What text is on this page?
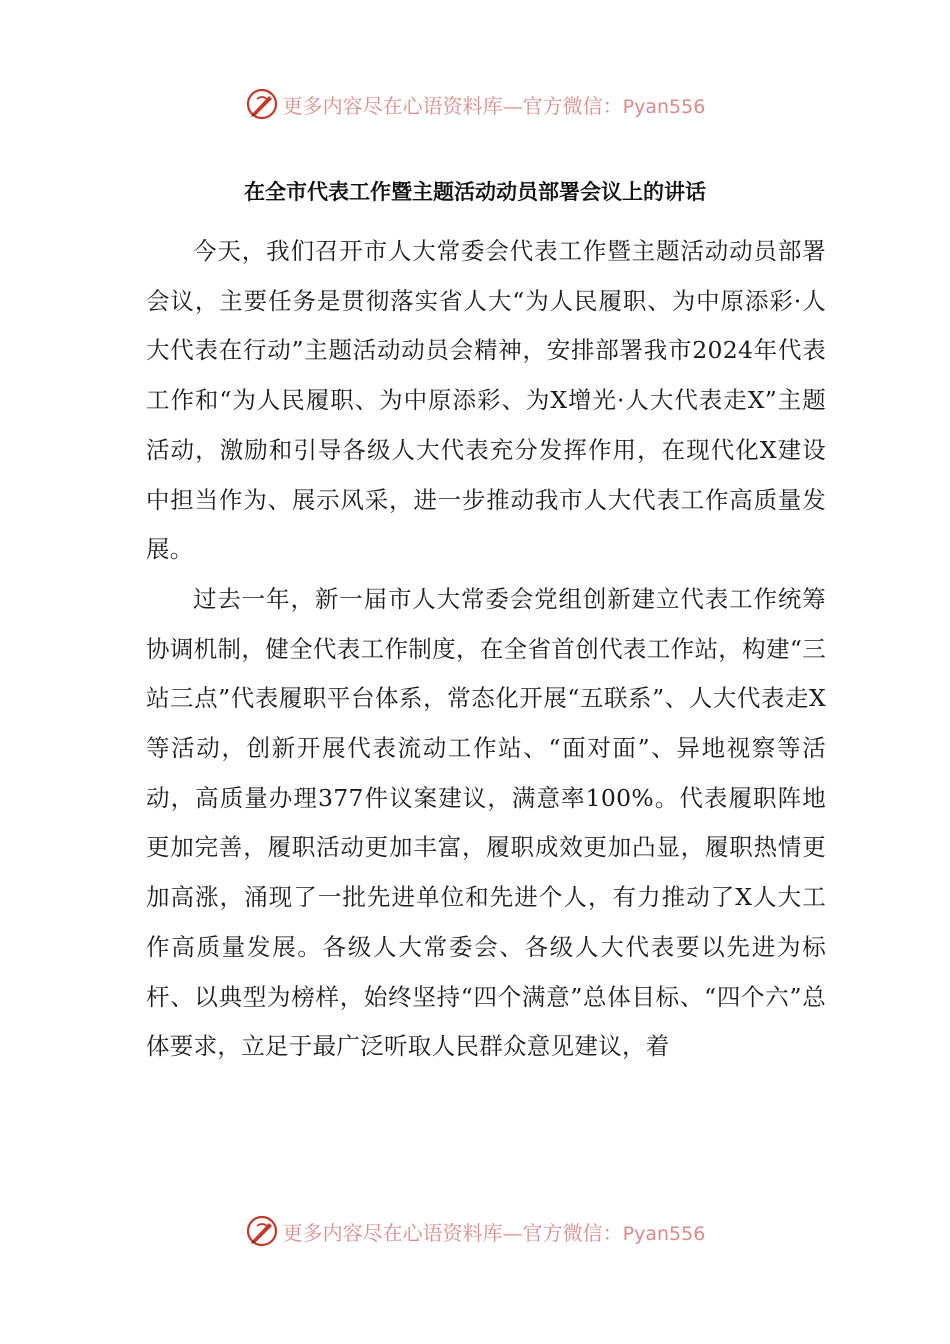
更多内容尽在心语资料库—官方微信：Pyan556
在全市代表工作暨主题活动动员部署会议上的讲话

今天，我们召开市人大常委会代表工作暨主题活动动员部署会议，主要任务是贯彻落实省人大“为人民履职、为中原添彩·人大代表在行动”主题活动动员会精神，安排部署我市2024年代表工作和“为人民履职、为中原添彩、为X增光·人大代表走X”主题活动，激励和引导各级人大代表充分发挥作用，在现代化X建设中担当作为、展示风采，进一步推动我市人大代表工作高质量发展。

过去一年，新一届市人大常委会党组创新建立代表工作统筹协调机制，健全代表工作制度，在全省首创代表工作站，构建“三站三点”代表履职平台体系，常态化开展“五联系”、人大代表走X等活动，创新开展代表流动工作站、“面对面”、异地视察等活动，高质量办理377件议案建议，满意率100%。代表履职阵地更加完善，履职活动更加丰富，履职成效更加凸显，履职热情更加高涨，涌现了一批先进单位和先进个人，有力推动了X人大工作高质量发展。各级人大常委会、各级人大代表要以先进为标杆、以典型为榜样，始终坚持“四个满意”总体目标、“四个六”总体要求，立足于最广泛听取人民群众意见建议，着

更多内容尽在心语资料库—官方微信：Pyan556
